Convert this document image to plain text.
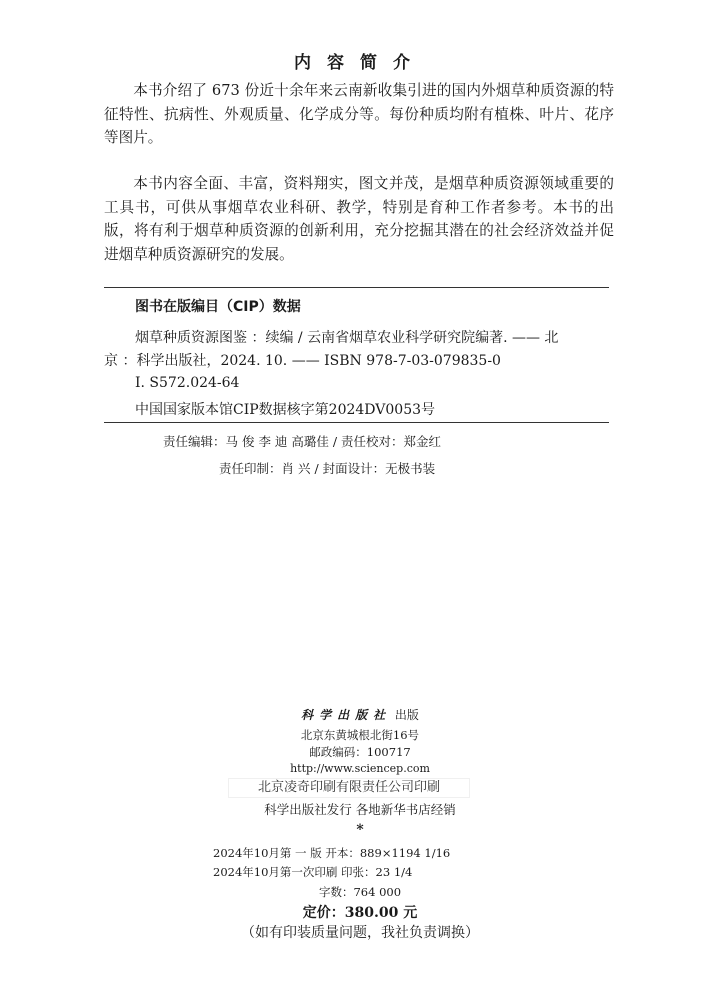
内容简介

本书介绍了 673 份近十余年来云南新收集引进的国内外烟草种质资源的特征特性、抗病性、外观质量、化学成分等。每份种质均附有植株、叶片、花序等图片。

本书内容全面、丰富，资料翔实，图文并茂，是烟草种质资源领域重要的工具书，可供从事烟草农业科研、教学，特别是育种工作者参考。本书的出版，将有利于烟草种质资源的创新利用，充分挖掘其潜在的社会经济效益并促进烟草种质资源研究的发展。

图书在版编目（CIP）数据
烟草种质资源图鉴 ：续编 / 云南省烟草农业科学研究院编著. —— 北
京 ：科学出版社，2024. 10. —— ISBN 978-7-03-079835-0
Ⅰ. S572.024-64
中国国家版本馆CIP数据核字第2024DV0053号
责任编辑：马 俊 李 迪 高璐佳 / 责任校对：郑金红
责任印制：肖 兴 / 封面设计：无极书装
科学出版社 出版
北京东黄城根北街16号
邮政编码：100717
http://www.sciencep.com
北京凌奇印刷有限责任公司印刷
科学出版社发行 各地新华书店经销
*
2024年10月第 一 版 开本：889×1194 1/16
2024年10月第一次印刷 印张：23 1/4
字数：764 000
定价：380.00 元
（如有印装质量问题，我社负责调换）
